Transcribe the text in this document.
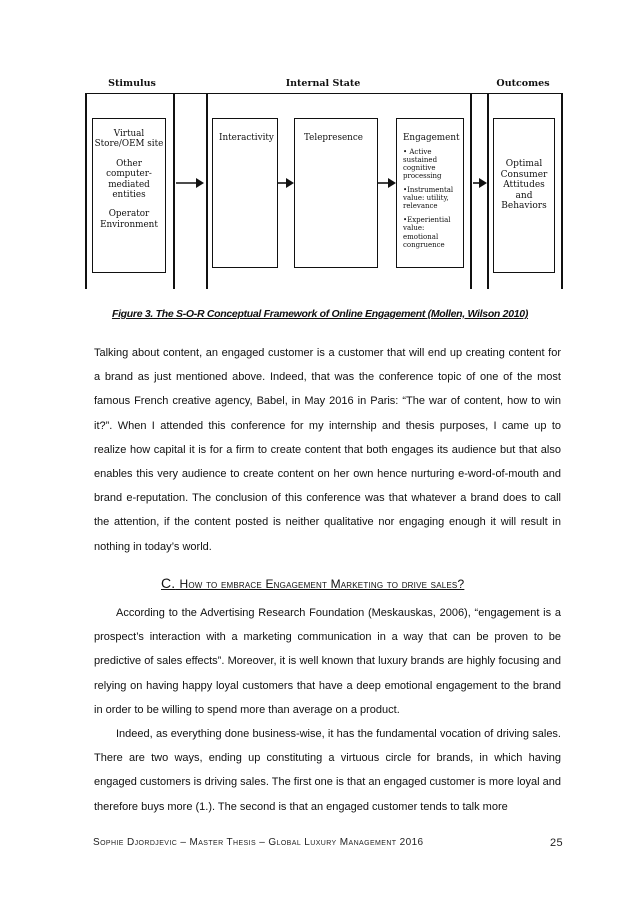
Stimulus	Internal State	Outcomes
Virtual Store/OEM site
Other computer-mediated entities
Operator Environment
Interactivity	Telepresence	Engagement
• Active sustained cognitive processing
•Instrumental value: utility, relevance
•Experiential value: emotional congruence
Optimal Consumer Attitudes and Behaviors
Figure 3. The S-O-R Conceptual Framework of Online Engagement (Mollen, Wilson 2010)

Talking about content, an engaged customer is a customer that will end up creating content for a brand as just mentioned above. Indeed, that was the conference topic of one of the most famous French creative agency, Babel, in May 2016 in Paris: “The war of content, how to win it?”. When I attended this conference for my internship and thesis purposes, I came up to realize how capital it is for a firm to create content that both engages its audience but that also enables this very audience to create content on her own hence nurturing e-word-of-mouth and brand e-reputation. The conclusion of this conference was that whatever a brand does to call the attention, if the content posted is neither qualitative nor engaging enough it will result in nothing in today’s world.

C. How to embrace Engagement Marketing to drive sales?

According to the Advertising Research Foundation (Meskauskas, 2006), “engagement is a prospect’s interaction with a marketing communication in a way that can be proven to be predictive of sales effects”. Moreover, it is well known that luxury brands are highly focusing and relying on having happy loyal customers that have a deep emotional engagement to the brand in order to be willing to spend more than average on a product.

Indeed, as everything done business-wise, it has the fundamental vocation of driving sales. There are two ways, ending up constituting a virtuous circle for brands, in which having engaged customers is driving sales. The first one is that an engaged customer is more loyal and therefore buys more (1.). The second is that an engaged customer tends to talk more

Sophie Djordjevic – Master Thesis – Global Luxury Management 2016	25
